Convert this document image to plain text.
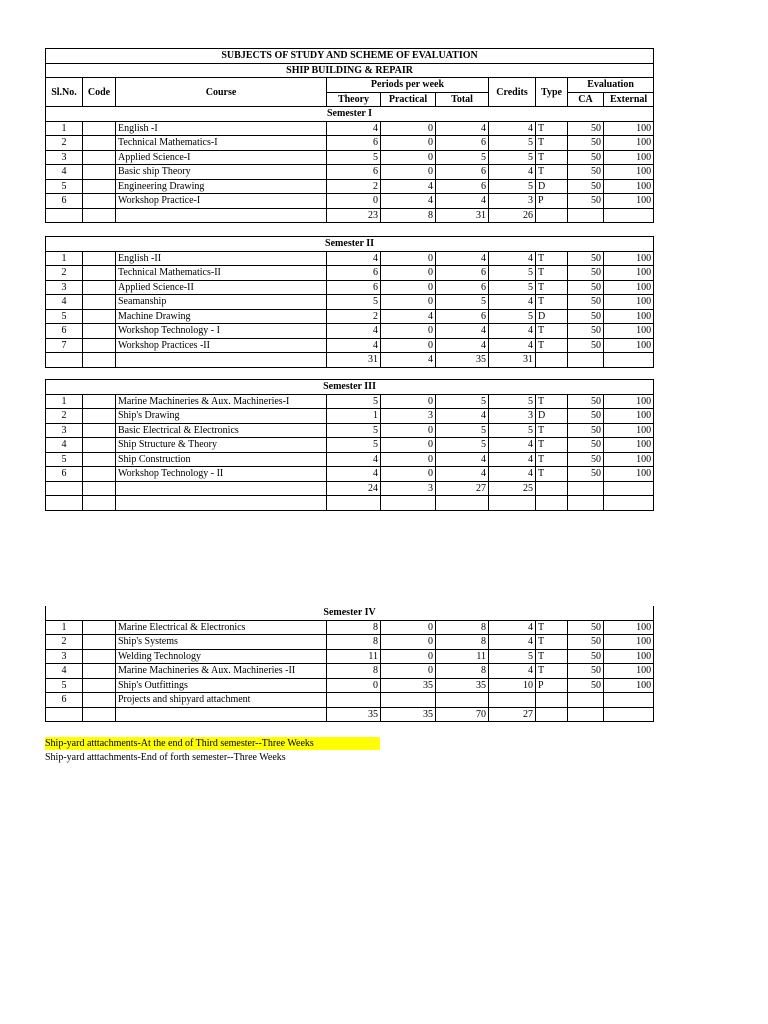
SUBJECTS OF STUDY AND SCHEME OF EVALUATION									
SHIP BUILDING & REPAIR									
Sl.No.	Code	Course	Periods per week			Credits	Type	Evaluation	
			Theory	Practical	Total			CA	External
Semester I									
1		English -I	4	0	4	4	T	50	100
2		Technical Mathematics-I	6	0	6	5	T	50	100
3		Applied Science-I	5	0	5	5	T	50	100
4		Basic ship Theory	6	0	6	4	T	50	100
5		Engineering Drawing	2	4	6	5	D	50	100
6		Workshop Practice-I	0	4	4	3	P	50	100
			23	8	31	26			
Semester II									
1		English -II	4	0	4	4	T	50	100
2		Technical Mathematics-II	6	0	6	5	T	50	100
3		Applied Science-II	6	0	6	5	T	50	100
4		Seamanship	5	0	5	4	T	50	100
5		Machine Drawing	2	4	6	5	D	50	100
6		Workshop Technology - I	4	0	4	4	T	50	100
7		Workshop Practices -II	4	0	4	4	T	50	100
			31	4	35	31			
Semester III									
1		Marine Machineries & Aux. Machineries-I	5	0	5	5	T	50	100
2		Ship's Drawing	1	3	4	3	D	50	100
3		Basic Electrical & Electronics	5	0	5	5	T	50	100
4		Ship Structure & Theory	5	0	5	4	T	50	100
5		Ship Construction	4	0	4	4	T	50	100
6		Workshop Technology - II	4	0	4	4	T	50	100
			24	3	27	25			

Semester IV									
1		Marine Electrical & Electronics	8	0	8	4	T	50	100
2		Ship's Systems	8	0	8	4	T	50	100
3		Welding Technology	11	0	11	5	T	50	100
4		Marine Machineries & Aux. Machineries -II	8	0	8	4	T	50	100
5		Ship's Outfittings	0	35	35	10	P	50	100
6		Projects and shipyard attachment							
			35	35	70	27			
Ship-yard atttachments-At the end of Third semester--Three Weeks
Ship-yard atttachments-End of forth semester--Three Weeks
